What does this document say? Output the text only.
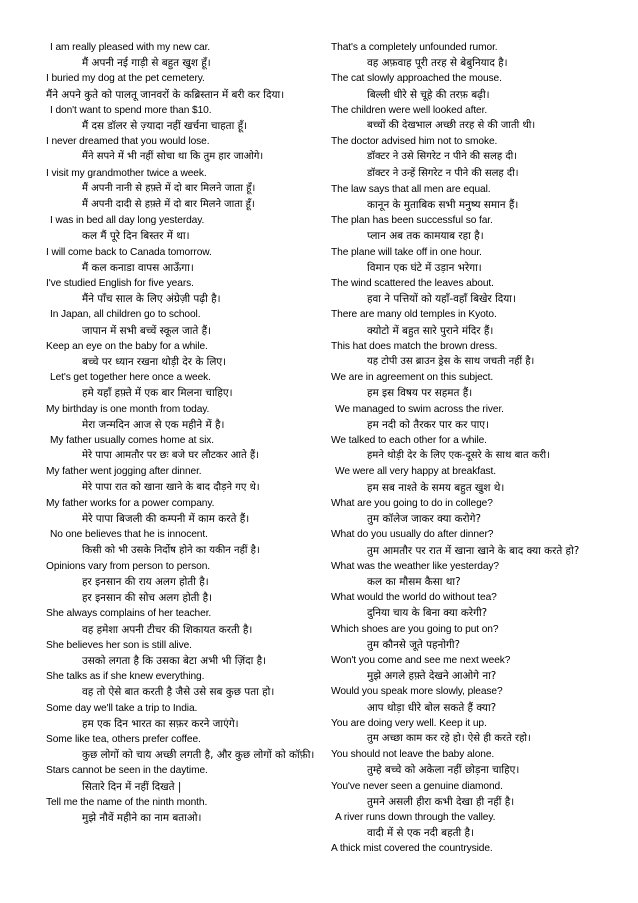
I am really pleased with my new car.
मैं अपनी नई गाड़ी से बहुत खुश हूँ।
I buried my dog at the pet cemetery.
मैंने अपने कुते को पालतू जानवरों के कब्रिस्तान में बरी कर दिया।
I don't want to spend more than $10.
मैं दस डॉलर से ज़्यादा नहीं खर्चना चाहता हूँ।
I never dreamed that you would lose.
मैंने सपने में भी नहीं सोचा था कि तुम हार जाओगे।
I visit my grandmother twice a week.
मैं अपनी नानी से हफ़्ते में दो बार मिलने जाता हूँ।
मैं अपनी दादी से हफ़्ते में दो बार मिलने जाता हूँ।
I was in bed all day long yesterday.
कल मैं पूरे दिन बिस्तर में था।
I will come back to Canada tomorrow.
मैं कल कनाडा वापस आऊँगा।
I've studied English for five years.
मैंने पाँच साल के लिए अंग्रेज़ी पढ़ी है।
In Japan, all children go to school.
जापान में सभी बच्चें स्कूल जाते हैं।
Keep an eye on the baby for a while.
बच्चे पर ध्यान रखना थोड़ी देर के लिए।
Let's get together here once a week.
हमे यहाँ हफ़्ते में एक बार मिलना चाहिए।
My birthday is one month from today.
मेरा जन्मदिन आज से एक महीने में है।
My father usually comes home at six.
मेरे पापा आमतौर पर छः बजे घर लौटकर आते हैं।
My father went jogging after dinner.
मेरे पापा रात को खाना खाने के बाद दौड़ने गए थे।
My father works for a power company.
मेरे पापा बिजली की कम्पनी में काम करते हैं।
No one believes that he is innocent.
किसी को भी उसके निर्दोष होने का यकीन नहीं है।
Opinions vary from person to person.
हर इनसान की राय अलग होती है।
हर इनसान की सोच अलग होती है।
She always complains of her teacher.
वह हमेशा अपनी टीचर की शिकायत करती है।
She believes her son is still alive.
उसको लगता है कि उसका बेटा अभी भी ज़िंदा है।
She talks as if she knew everything.
वह तो ऐसे बात करती है जैसे उसे सब कुछ पता हो।
Some day we'll take a trip to India.
हम एक दिन भारत का सफ़र करने जाएंगे।
Some like tea, others prefer coffee.
कुछ लोगों को चाय अच्छी लगती है, और कुछ लोगों को कॉफ़ी।
Stars cannot be seen in the daytime.
सितारे दिन में नहीं दिखते |
Tell me the name of the ninth month.
मुझे नौवें महीने का नाम बताओ।
That's a completely unfounded rumor.
वह अफ़वाह पूरी तरह से बेबुनियाद है।
The cat slowly approached the mouse.
बिल्ली धीरे से चूहे की तरफ़ बढ़ी।
The children were well looked after.
बच्चों की देखभाल अच्छी तरह से की जाती थी।
The doctor advised him not to smoke.
डॉक्टर ने उसे सिगरेट न पीने की सलह दी।
डॉक्टर ने उन्हें सिगरेट न पीने की सलह दी।
The law says that all men are equal.
कानून के मुताबिक सभी मनुष्य समान हैं।
The plan has been successful so far.
प्लान अब तक कामयाब रहा है।
The plane will take off in one hour.
विमान एक घंटे में उड़ान भरेगा।
The wind scattered the leaves about.
हवा ने पत्तियों को यहाँ-वहाँ बिखेर दिया।
There are many old temples in Kyoto.
क्योटो में बहुत सारे पुराने मंदिर हैं।
This hat does match the brown dress.
यह टोपी उस ब्राउन ड्रेस के साथ जचती नहीं है।
We are in agreement on this subject.
हम इस विषय पर सहमत हैं।
We managed to swim across the river.
हम नदी को तैरकर पार कर पाए।
We talked to each other for a while.
हमने थोड़ी देर के लिए एक-दूसरे के साथ बात करी।
We were all very happy at breakfast.
हम सब नाश्ते के समय बहुत खुश थे।
What are you going to do in college?
तुम कॉलेज जाकर क्या करोगे?
What do you usually do after dinner?
तुम आमतौर पर रात में खाना खाने के बाद क्या करते हो?
What was the weather like yesterday?
कल का मौसम कैसा था?
What would the world do without tea?
दुनिया चाय के बिना क्या करेगी?
Which shoes are you going to put on?
तुम कौनसे जूते पहनोगी?
Won't you come and see me next week?
मुझे अगले हफ़्ते देखने आओगे ना?
Would you speak more slowly, please?
आप थोड़ा धीरे बोल सकते हैं क्या?
You are doing very well. Keep it up.
तुम अच्छा काम कर रहे हो। ऐसे ही करते रहो।
You should not leave the baby alone.
तुम्हे बच्चे को अकेला नहीं छोड़ना चाहिए।
You've never seen a genuine diamond.
तुमने असली हीरा कभी देखा ही नहीं है।
A river runs down through the valley.
वादी में से एक नदी बहती है।
A thick mist covered the countryside.
